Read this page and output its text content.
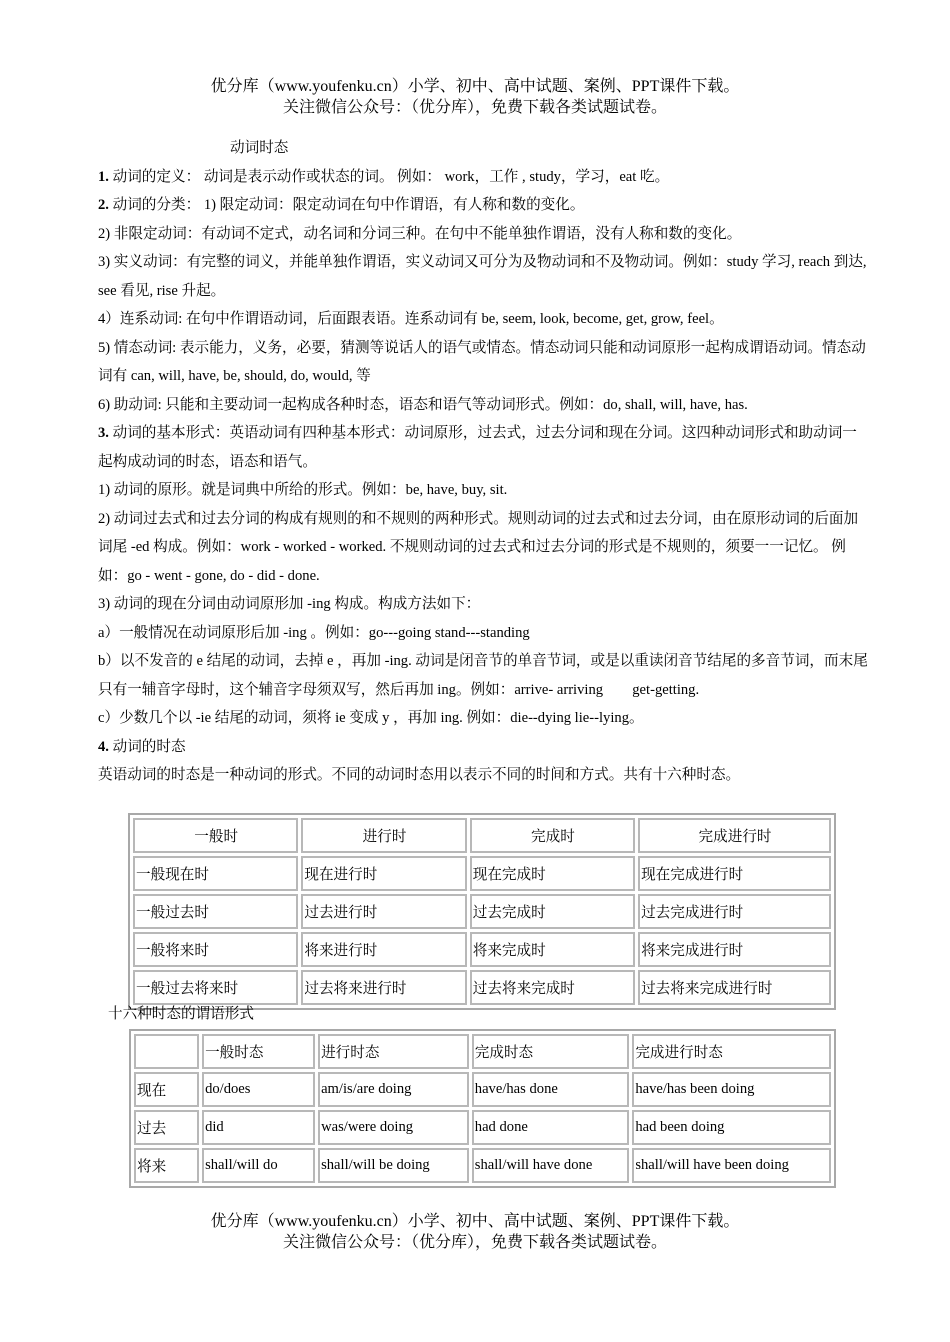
优分库（www.youfenku.cn）小学、初中、高中试题、案例、PPT课件下载。
关注微信公众号：（优分库），免费下载各类试题试卷。

动词时态

1. 动词的定义： 动词是表示动作或状态的词。 例如： work，工作 , study，学习，eat 吃。

2. 动词的分类： 1) 限定动词：限定动词在句中作谓语，有人称和数的变化。

2) 非限定动词：有动词不定式，动名词和分词三种。在句中不能单独作谓语，没有人称和数的变化。

3) 实义动词：有完整的词义，并能单独作谓语，实义动词又可分为及物动词和不及物动词。例如：study 学习, reach 到达, see 看见, rise 升起。

4）连系动词: 在句中作谓语动词，后面跟表语。连系动词有 be, seem, look, become, get, grow, feel。

5) 情态动词: 表示能力，义务，必要，猜测等说话人的语气或情态。情态动词只能和动词原形一起构成谓语动词。情态动词有 can, will, have, be, should, do, would, 等

6) 助动词: 只能和主要动词一起构成各种时态，语态和语气等动词形式。例如：do, shall, will, have, has.

3. 动词的基本形式：英语动词有四种基本形式：动词原形，过去式，过去分词和现在分词。这四种动词形式和助动词一起构成动词的时态，语态和语气。

1) 动词的原形。就是词典中所给的形式。例如：be, have, buy, sit.

2) 动词过去式和过去分词的构成有规则的和不规则的两种形式。规则动词的过去式和过去分词，由在原形动词的后面加词尾 -ed 构成。例如：work - worked - worked. 不规则动词的过去式和过去分词的形式是不规则的，须要一一记忆。 例如：go - went - gone, do - did - done.

3) 动词的现在分词由动词原形加 -ing 构成。构成方法如下：

a）一般情况在动词原形后加 -ing 。例如：go---going stand---standing

b）以不发音的 e 结尾的动词，去掉 e ，再加 -ing. 动词是闭音节的单音节词，或是以重读闭音节结尾的多音节词，而末尾只有一辅音字母时，这个辅音字母须双写，然后再加 ing。例如：arrive- arriving　　get-getting.

c）少数几个以 -ie 结尾的动词，须将 ie 变成 y ，再加 ing. 例如：die--dying lie--lying。

4. 动词的时态

英语动词的时态是一种动词的形式。不同的动词时态用以表示不同的时间和方式。共有十六种时态。

一般时	进行时	完成时	完成进行时
一般现在时	现在进行时	现在完成时	现在完成进行时
一般过去时	过去进行时	过去完成时	过去完成进行时
一般将来时	将来进行时	将来完成时	将来完成进行时
一般过去将来时	过去将来进行时	过去将来完成时	过去将来完成进行时
十六种时态的谓语形式
	一般时态	进行时态	完成时态	完成进行时态
现在	do/does	am/is/are doing	have/has done	have/has been doing
过去	did	was/were doing	had done	had been doing
将来	shall/will do	shall/will be doing	shall/will have done	shall/will have been doing
优分库（www.youfenku.cn）小学、初中、高中试题、案例、PPT课件下载。
关注微信公众号：（优分库），免费下载各类试题试卷。
